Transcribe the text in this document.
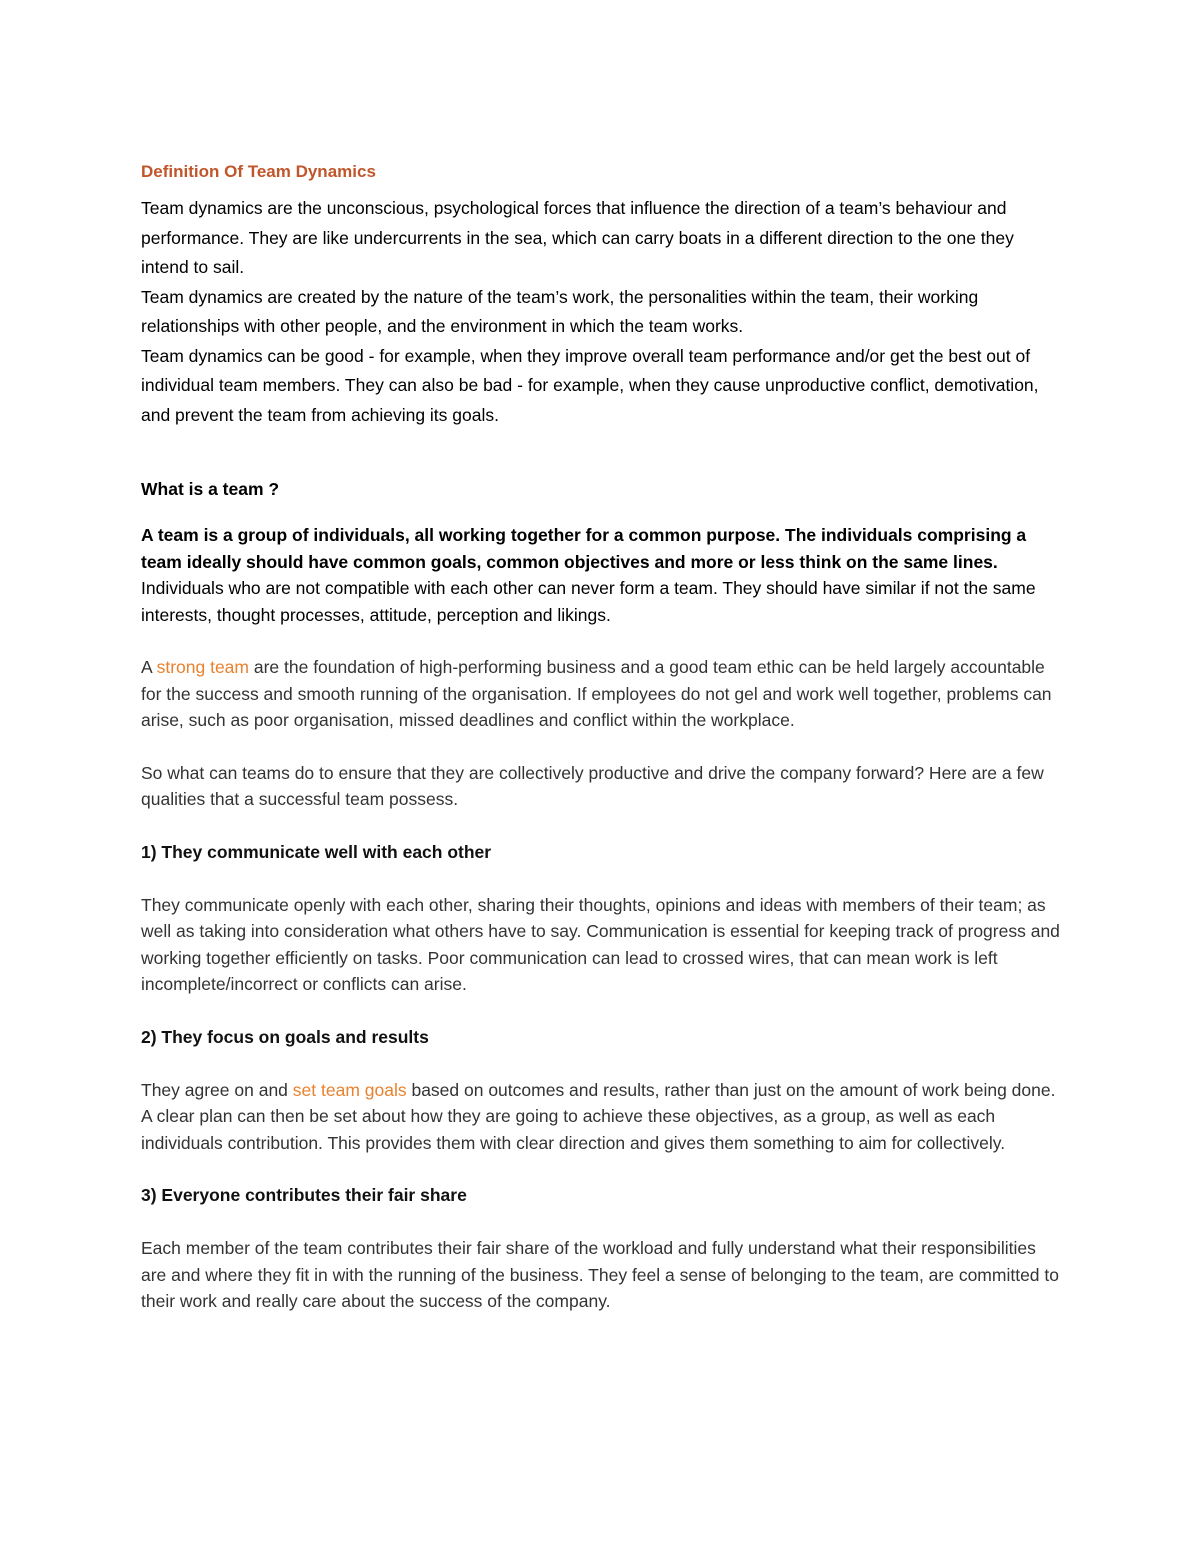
Definition Of Team Dynamics

Team dynamics are the unconscious, psychological forces that influence the direction of a team’s behaviour and performance. They are like undercurrents in the sea, which can carry boats in a different direction to the one they intend to sail.

Team dynamics are created by the nature of the team’s work, the personalities within the team, their working relationships with other people, and the environment in which the team works.

Team dynamics can be good - for example, when they improve overall team performance and/or get the best out of individual team members. They can also be bad - for example, when they cause unproductive conflict, demotivation, and prevent the team from achieving its goals.

What is a team ?

A team is a group of individuals, all working together for a common purpose. The individuals comprising a team ideally should have common goals, common objectives and more or less think on the same lines. Individuals who are not compatible with each other can never form a team. They should have similar if not the same interests, thought processes, attitude, perception and likings.

A strong team are the foundation of high-performing business and a good team ethic can be held largely accountable for the success and smooth running of the organisation. If employees do not gel and work well together, problems can arise, such as poor organisation, missed deadlines and conflict within the workplace.

So what can teams do to ensure that they are collectively productive and drive the company forward? Here are a few qualities that a successful team possess.

1) They communicate well with each other

They communicate openly with each other, sharing their thoughts, opinions and ideas with members of their team; as well as taking into consideration what others have to say. Communication is essential for keeping track of progress and working together efficiently on tasks. Poor communication can lead to crossed wires, that can mean work is left incomplete/incorrect or conflicts can arise.

2) They focus on goals and results

They agree on and set team goals based on outcomes and results, rather than just on the amount of work being done. A clear plan can then be set about how they are going to achieve these objectives, as a group, as well as each individuals contribution. This provides them with clear direction and gives them something to aim for collectively.

3) Everyone contributes their fair share

Each member of the team contributes their fair share of the workload and fully understand what their responsibilities are and where they fit in with the running of the business. They feel a sense of belonging to the team, are committed to their work and really care about the success of the company.
